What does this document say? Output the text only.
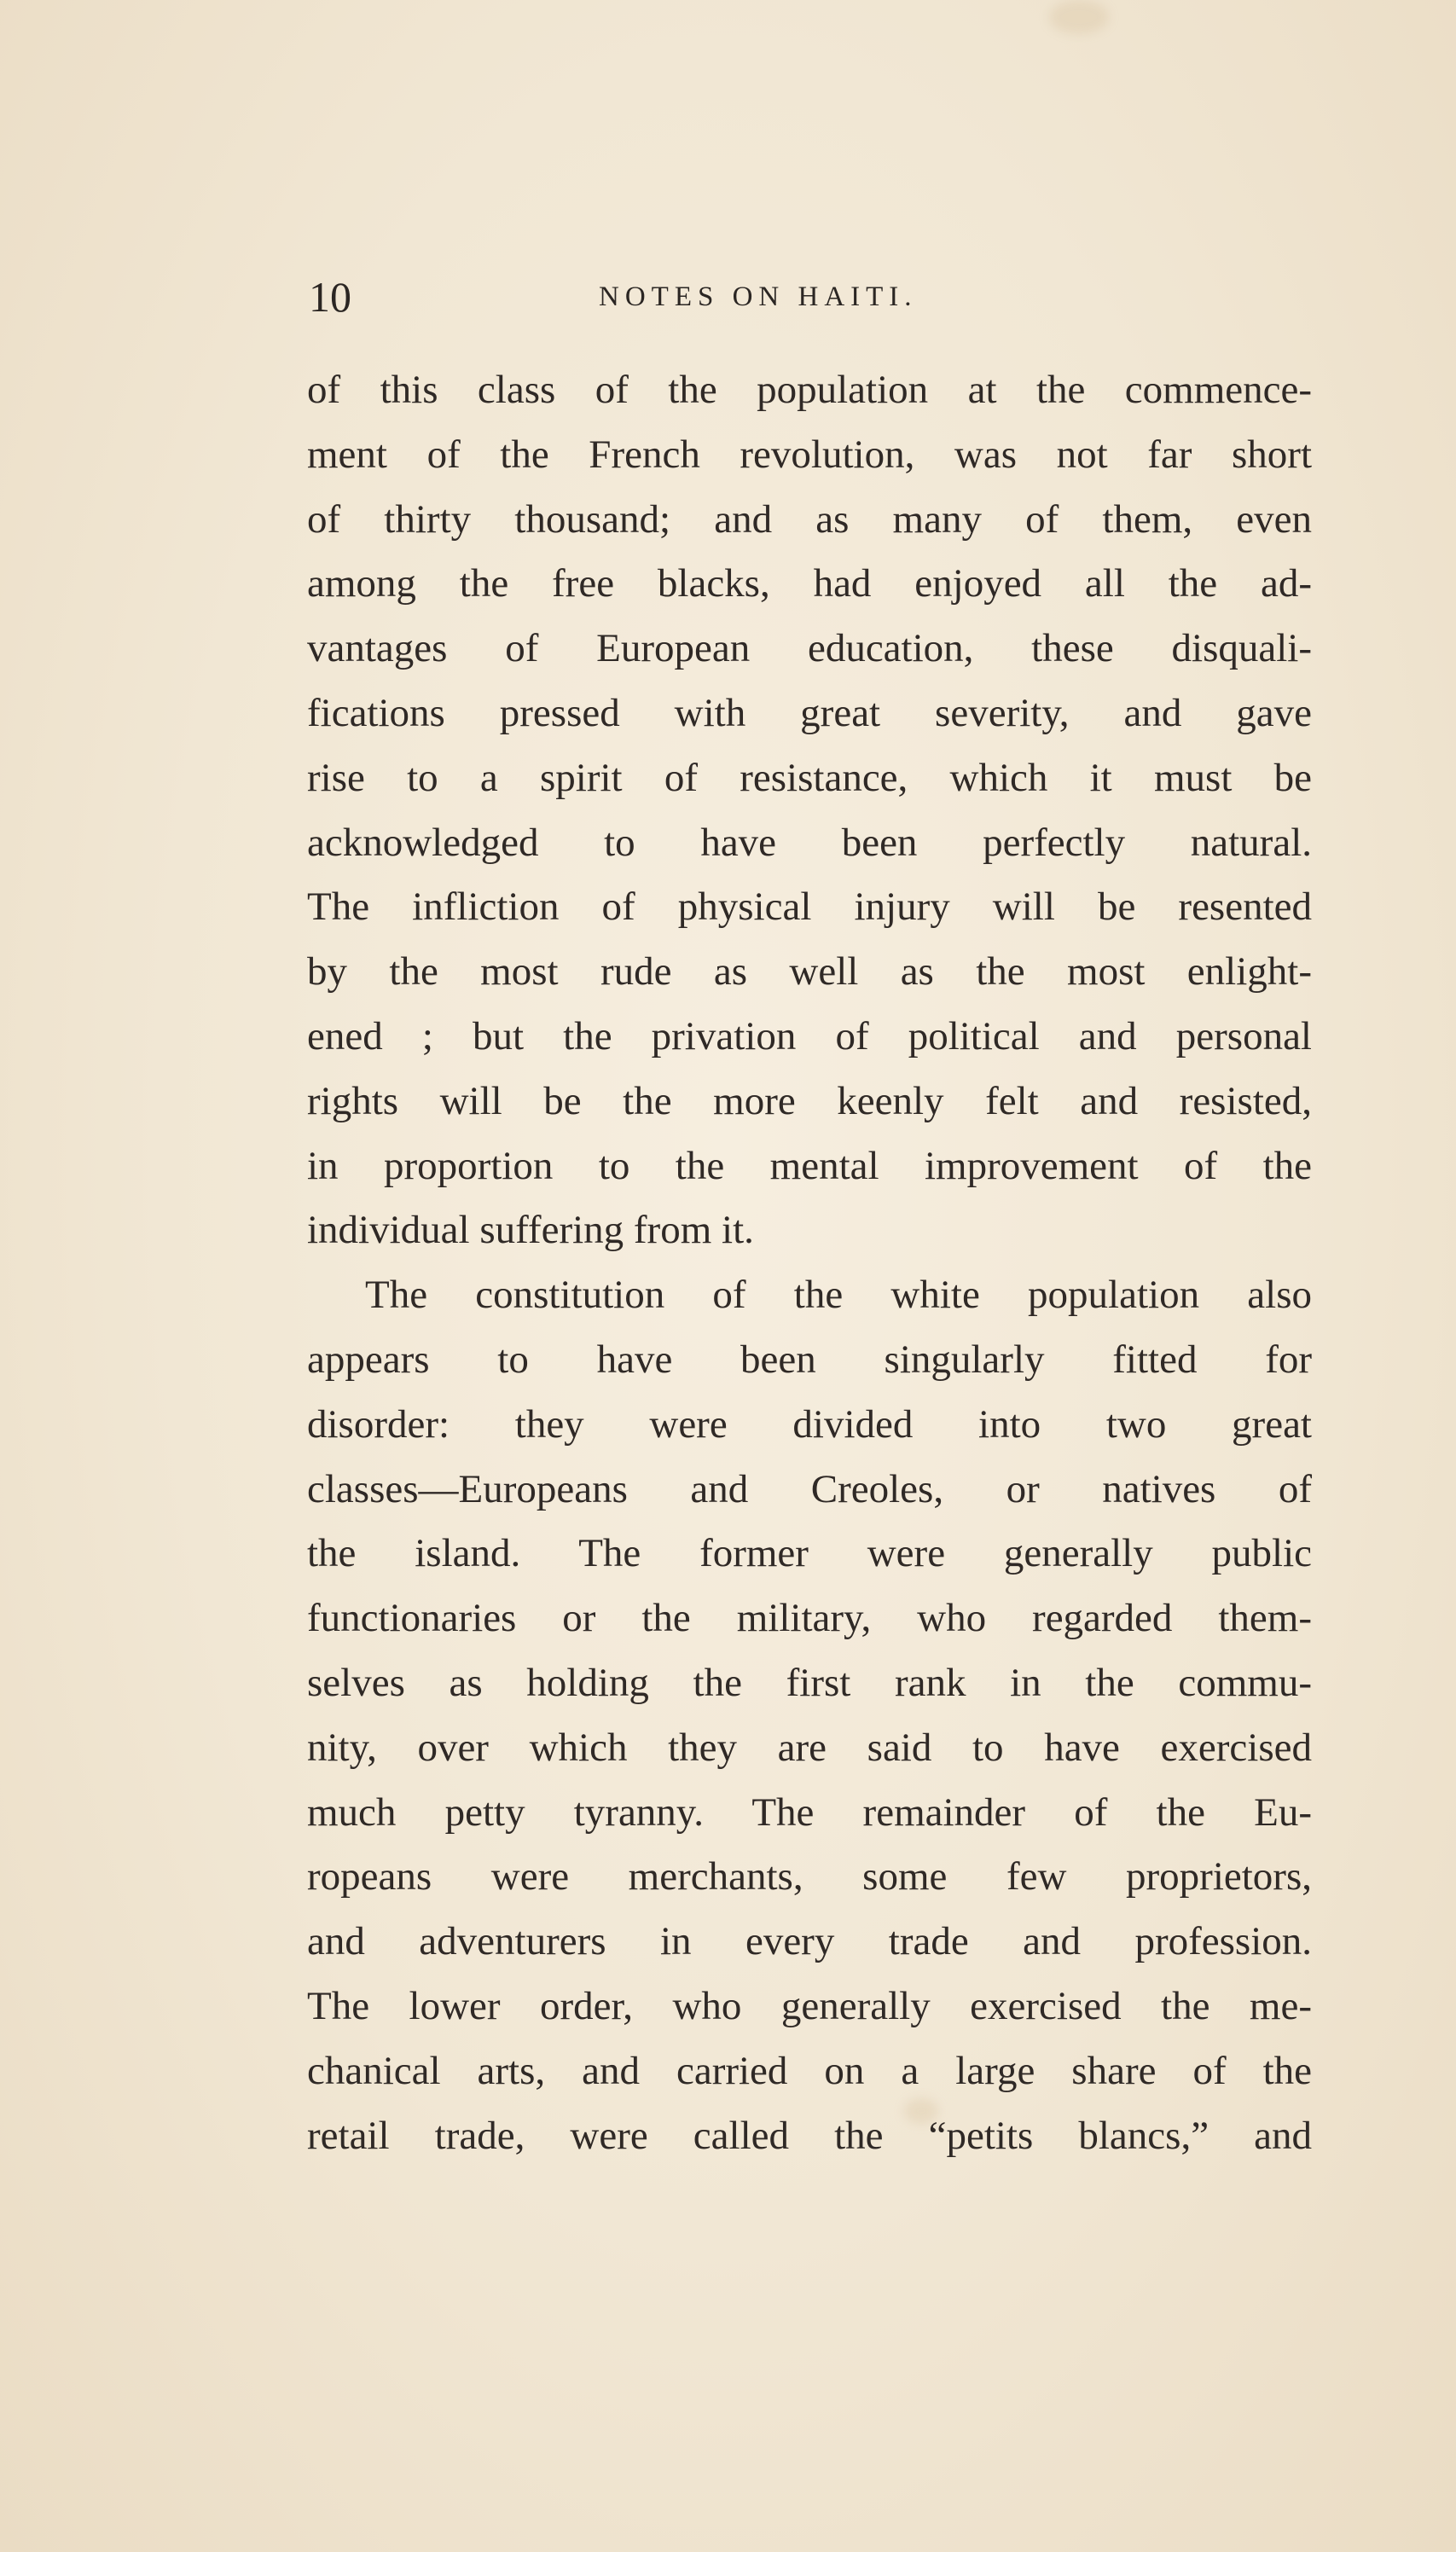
10	NOTES ON HAITI.
of this class of the population at the commence-
ment of the French revolution, was not far short
of thirty thousand; and as many of them, even
among the free blacks, had enjoyed all the ad-
vantages of European education, these disquali-
fications pressed with great severity, and gave
rise to a spirit of resistance, which it must be
acknowledged to have been perfectly natural.
The infliction of physical injury will be resented
by the most rude as well as the most enlight-
ened ; but the privation of political and personal
rights will be the more keenly felt and resisted,
in proportion to the mental improvement of the
individual suffering from it.
The constitution of the white population also
appears to have been singularly fitted for
disorder: they were divided into two great
classes—Europeans and Creoles, or natives of
the island. The former were generally public
functionaries or the military, who regarded them-
selves as holding the first rank in the commu-
nity, over which they are said to have exercised
much petty tyranny. The remainder of the Eu-
ropeans were merchants, some few proprietors,
and adventurers in every trade and profession.
The lower order, who generally exercised the me-
chanical arts, and carried on a large share of the
retail trade, were called the “petits blancs,” and
